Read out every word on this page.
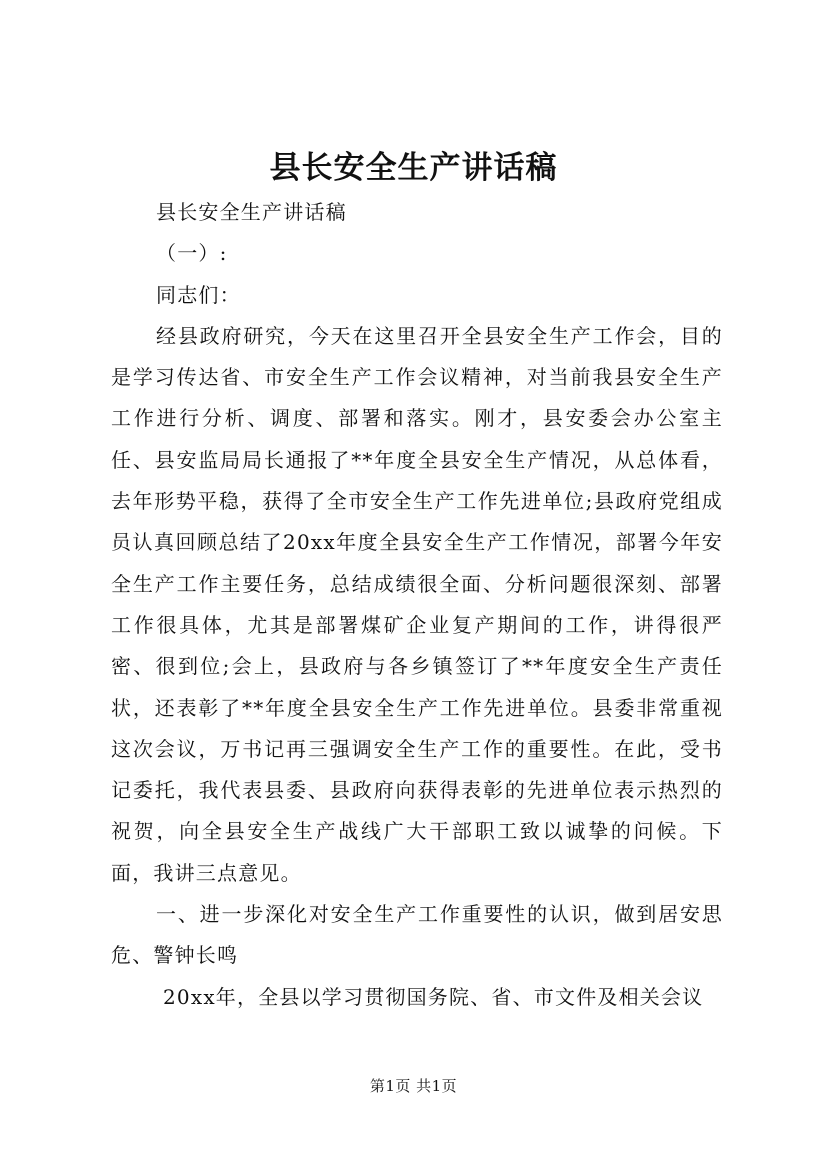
县长安全生产讲话稿

县长安全生产讲话稿

（一）:

同志们：

经县政府研究，今天在这里召开全县安全生产工作会，目的是学习传达省、市安全生产工作会议精神，对当前我县安全生产工作进行分析、调度、部署和落实。刚才，县安委会办公室主任、县安监局局长通报了**年度全县安全生产情况，从总体看，去年形势平稳，获得了全市安全生产工作先进单位;县政府党组成员认真回顾总结了20xx年度全县安全生产工作情况，部署今年安全生产工作主要任务，总结成绩很全面、分析问题很深刻、部署工作很具体，尤其是部署煤矿企业复产期间的工作，讲得很严密、很到位;会上，县政府与各乡镇签订了**年度安全生产责任状，还表彰了**年度全县安全生产工作先进单位。县委非常重视这次会议，万书记再三强调安全生产工作的重要性。在此，受书记委托，我代表县委、县政府向获得表彰的先进单位表示热烈的祝贺，向全县安全生产战线广大干部职工致以诚挚的问候。下面，我讲三点意见。

一、进一步深化对安全生产工作重要性的认识，做到居安思危、警钟长鸣

20xx年，全县以学习贯彻国务院、省、市文件及相关会议

第1页 共1页
